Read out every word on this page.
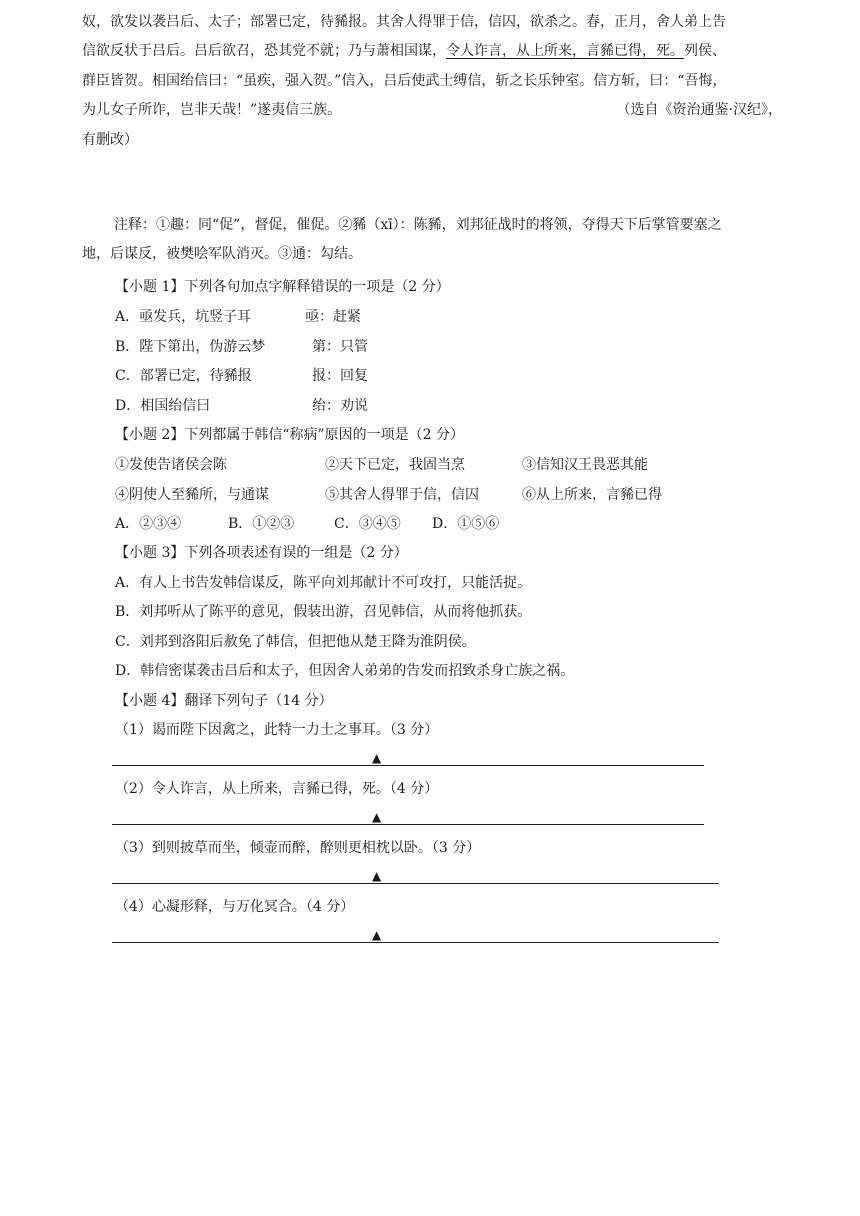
奴，欲发以袭吕后、太子；部署已定，待豨报。其舍人得罪于信，信囚，欲杀之。春，正月，舍人弟上告
信欲反状于吕后。吕后欲召，恐其党不就；乃与萧相国谋，令人诈言，从上所来，言豨已得，死。列侯、
群臣皆贺。相国绐信曰：“虽疾，强入贺。”信入，吕后使武士缚信，斩之长乐钟室。信方斩，曰：“吾悔，
为儿女子所诈，岂非天哉！”遂夷信三族。	（选自《资治通鉴·汉纪》，
有删改）
注释：①趣：同“促”，督促，催促。②豨（xī）：陈豨，刘邦征战时的将领，夺得天下后掌管要塞之
地，后谋反，被樊哙军队消灭。③通：勾结。
【小题 1】下列各句加点字解释错误的一项是（2 分）
A．亟发兵，坑竖子耳	亟：赶紧
B．陛下第出，伪游云梦	第：只管
C．部署已定，待豨报	报：回复
D．相国绐信曰	绐：劝说
【小题 2】下列都属于韩信“称病”原因的一项是（2 分）
①发使告诸侯会陈	②天下已定，我固当烹	③信知汉王畏恶其能
④阴使人至豨所，与通谋	⑤其舍人得罪于信，信囚	⑥从上所来，言豨已得
A．②③④	B．①②③	C．③④⑤ D．①⑤⑥
【小题 3】下列各项表述有误的一组是（2 分）
A．有人上书告发韩信谋反，陈平向刘邦献计不可攻打，只能活捉。
B．刘邦听从了陈平的意见，假装出游，召见韩信，从而将他抓获。
C．刘邦到洛阳后赦免了韩信，但把他从楚王降为淮阴侯。
D．韩信密谋袭击吕后和太子，但因舍人弟弟的告发而招致杀身亡族之祸。
【小题 4】翻译下列句子（14 分）
（1）谒而陛下因禽之，此特一力士之事耳。（3 分）
▲
（2）令人诈言，从上所来，言豨已得，死。（4 分）
▲
（3）到则披草而坐，倾壶而醉，醉则更相枕以卧。（3 分）
▲
（4）心凝形释，与万化冥合。（4 分）
▲
